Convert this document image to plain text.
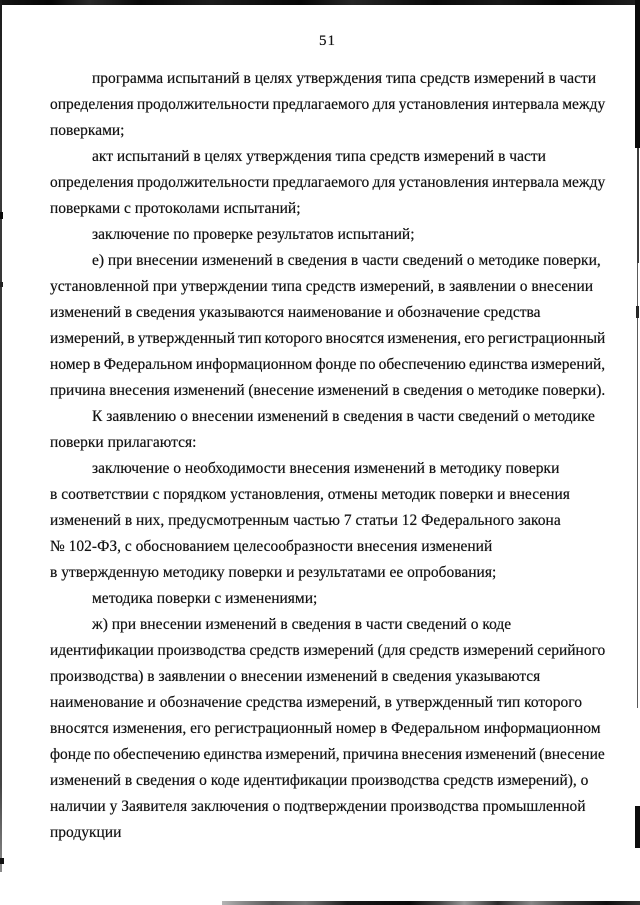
51
программа испытаний в целях утверждения типа средств измерений в части
определения продолжительности предлагаемого для установления интервала между
поверками;
акт испытаний в целях утверждения типа средств измерений в части
определения продолжительности предлагаемого для установления интервала между
поверками с протоколами испытаний;
заключение по проверке результатов испытаний;
е) при внесении изменений в сведения в части сведений о методике поверки,
установленной при утверждении типа средств измерений, в заявлении о внесении
изменений в сведения указываются наименование и обозначение средства
измерений, в утвержденный тип которого вносятся изменения, его регистрационный
номер в Федеральном информационном фонде по обеспечению единства измерений,
причина внесения изменений (внесение изменений в сведения о методике поверки).
К заявлению о внесении изменений в сведения в части сведений о методике
поверки прилагаются:
заключение о необходимости внесения изменений в методику поверки
в соответствии с порядком установления, отмены методик поверки и внесения
изменений в них, предусмотренным частью 7 статьи 12 Федерального закона
№ 102-ФЗ, с обоснованием целесообразности внесения изменений
в утвержденную методику поверки и результатами ее опробования;
методика поверки с изменениями;
ж) при внесении изменений в сведения в части сведений о коде
идентификации производства средств измерений (для средств измерений серийного
производства) в заявлении о внесении изменений в сведения указываются
наименование и обозначение средства измерений, в утвержденный тип которого
вносятся изменения, его регистрационный номер в Федеральном информационном
фонде по обеспечению единства измерений, причина внесения изменений (внесение
изменений в сведения о коде идентификации производства средств измерений), о
наличии у Заявителя заключения о подтверждении производства промышленной
продукции
